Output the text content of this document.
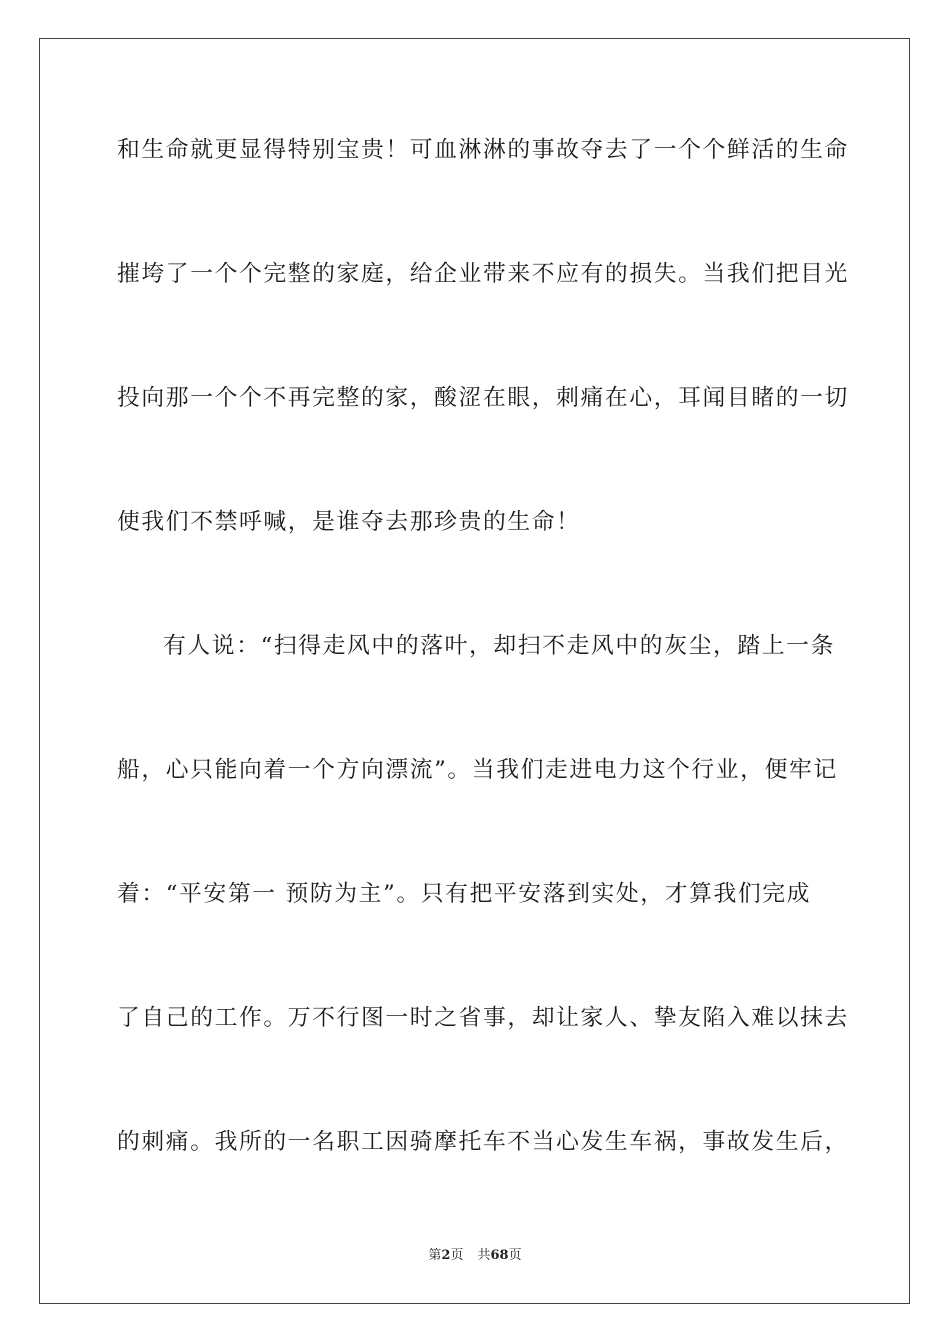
和生命就更显得特别宝贵！可血淋淋的事故夺去了一个个鲜活的生命
摧垮了一个个完整的家庭，给企业带来不应有的损失。当我们把目光
投向那一个个不再完整的家，酸涩在眼，刺痛在心，耳闻目睹的一切
使我们不禁呼喊，是谁夺去那珍贵的生命！
有人说：“扫得走风中的落叶，却扫不走风中的灰尘，踏上一条
船，心只能向着一个方向漂流”。当我们走进电力这个行业，便牢记
着：“平安第一 预防为主”。只有把平安落到实处，才算我们完成
了自己的工作。万不行图一时之省事，却让家人、挚友陷入难以抹去
的刺痛。我所的一名职工因骑摩托车不当心发生车祸，事故发生后，
第2页 共68页
